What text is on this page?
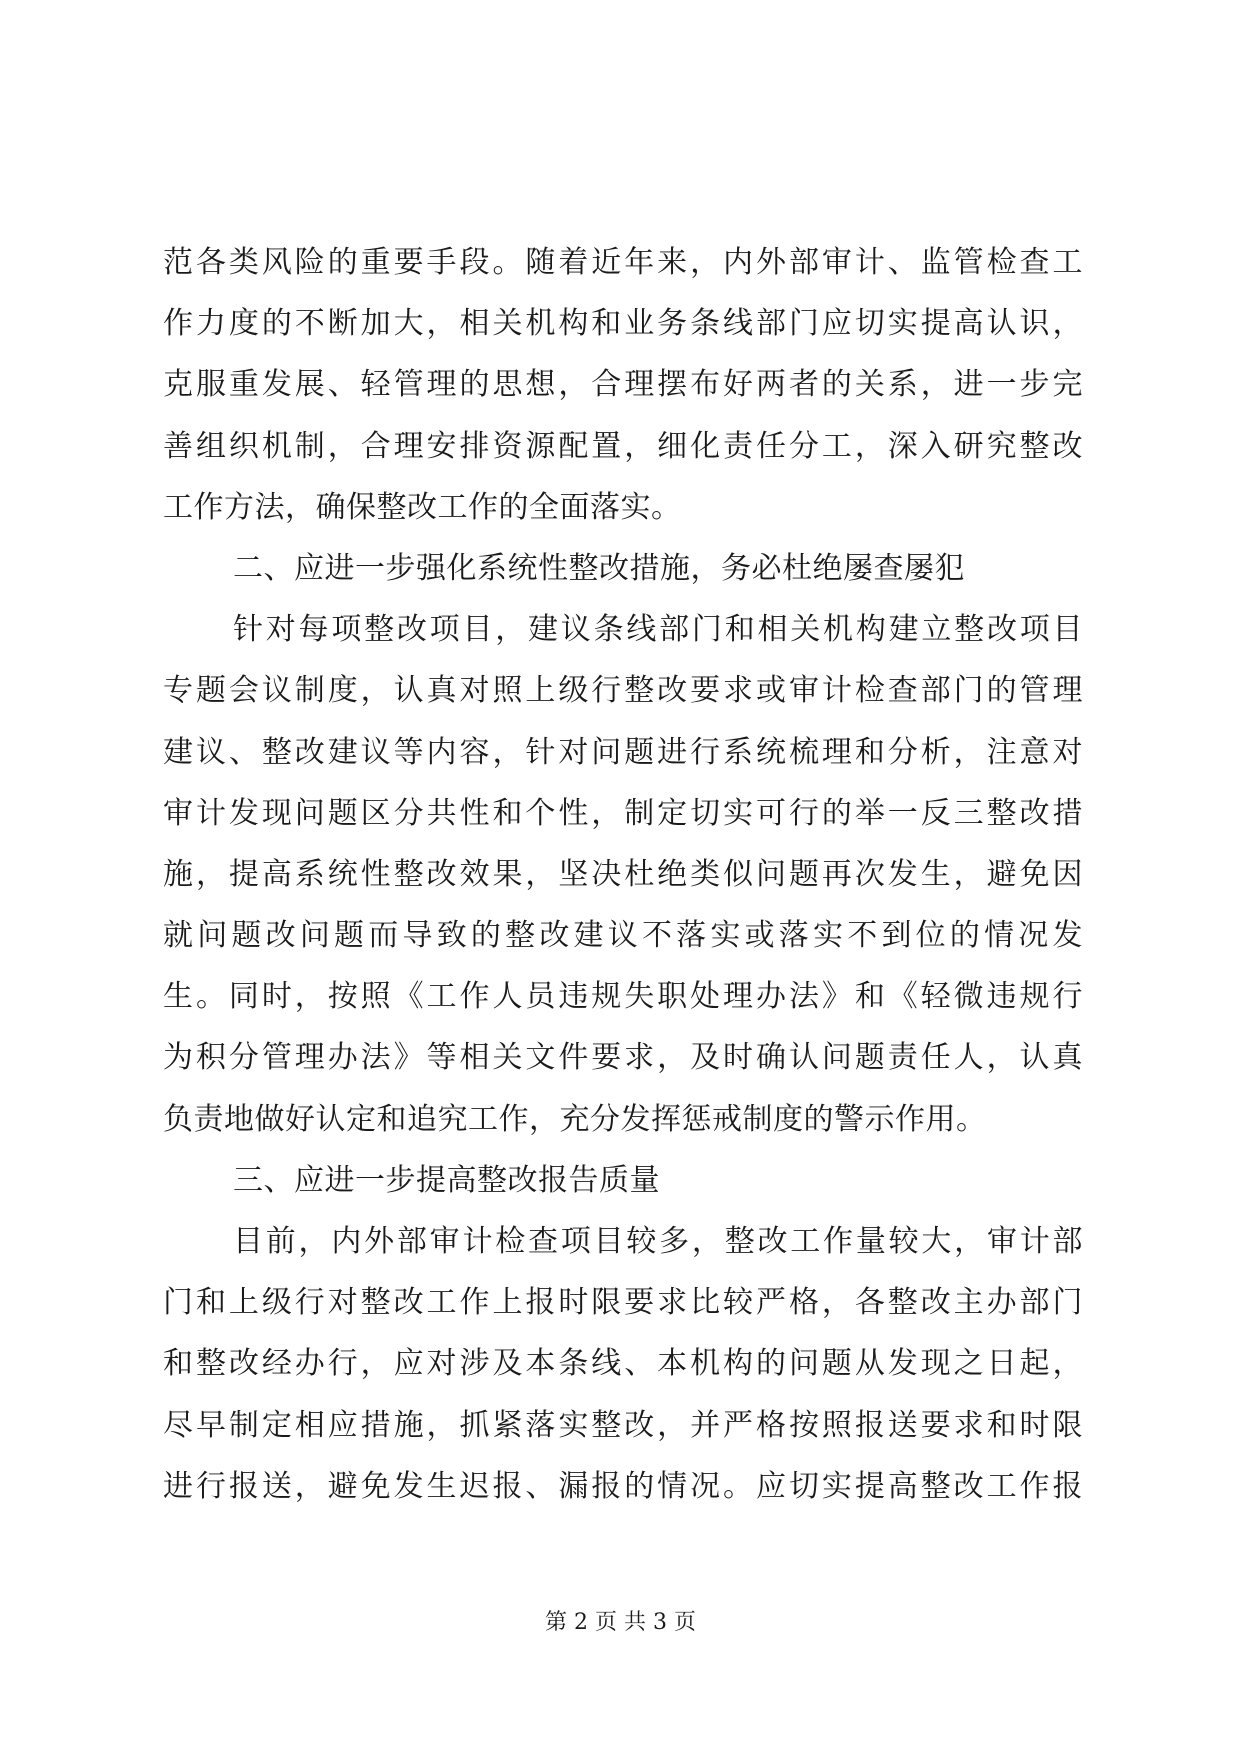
范各类风险的重要手段。随着近年来，内外部审计、监管检查工
作力度的不断加大，相关机构和业务条线部门应切实提高认识，
克服重发展、轻管理的思想，合理摆布好两者的关系，进一步完
善组织机制，合理安排资源配置，细化责任分工，深入研究整改
工作方法，确保整改工作的全面落实。
二、应进一步强化系统性整改措施，务必杜绝屡查屡犯
针对每项整改项目，建议条线部门和相关机构建立整改项目
专题会议制度，认真对照上级行整改要求或审计检查部门的管理
建议、整改建议等内容，针对问题进行系统梳理和分析，注意对
审计发现问题区分共性和个性，制定切实可行的举一反三整改措
施，提高系统性整改效果，坚决杜绝类似问题再次发生，避免因
就问题改问题而导致的整改建议不落实或落实不到位的情况发
生。同时，按照《工作人员违规失职处理办法》和《轻微违规行
为积分管理办法》等相关文件要求，及时确认问题责任人，认真
负责地做好认定和追究工作，充分发挥惩戒制度的警示作用。
三、应进一步提高整改报告质量
目前，内外部审计检查项目较多，整改工作量较大，审计部
门和上级行对整改工作上报时限要求比较严格，各整改主办部门
和整改经办行，应对涉及本条线、本机构的问题从发现之日起，
尽早制定相应措施，抓紧落实整改，并严格按照报送要求和时限
进行报送，避免发生迟报、漏报的情况。应切实提高整改工作报
第 2 页 共 3 页
